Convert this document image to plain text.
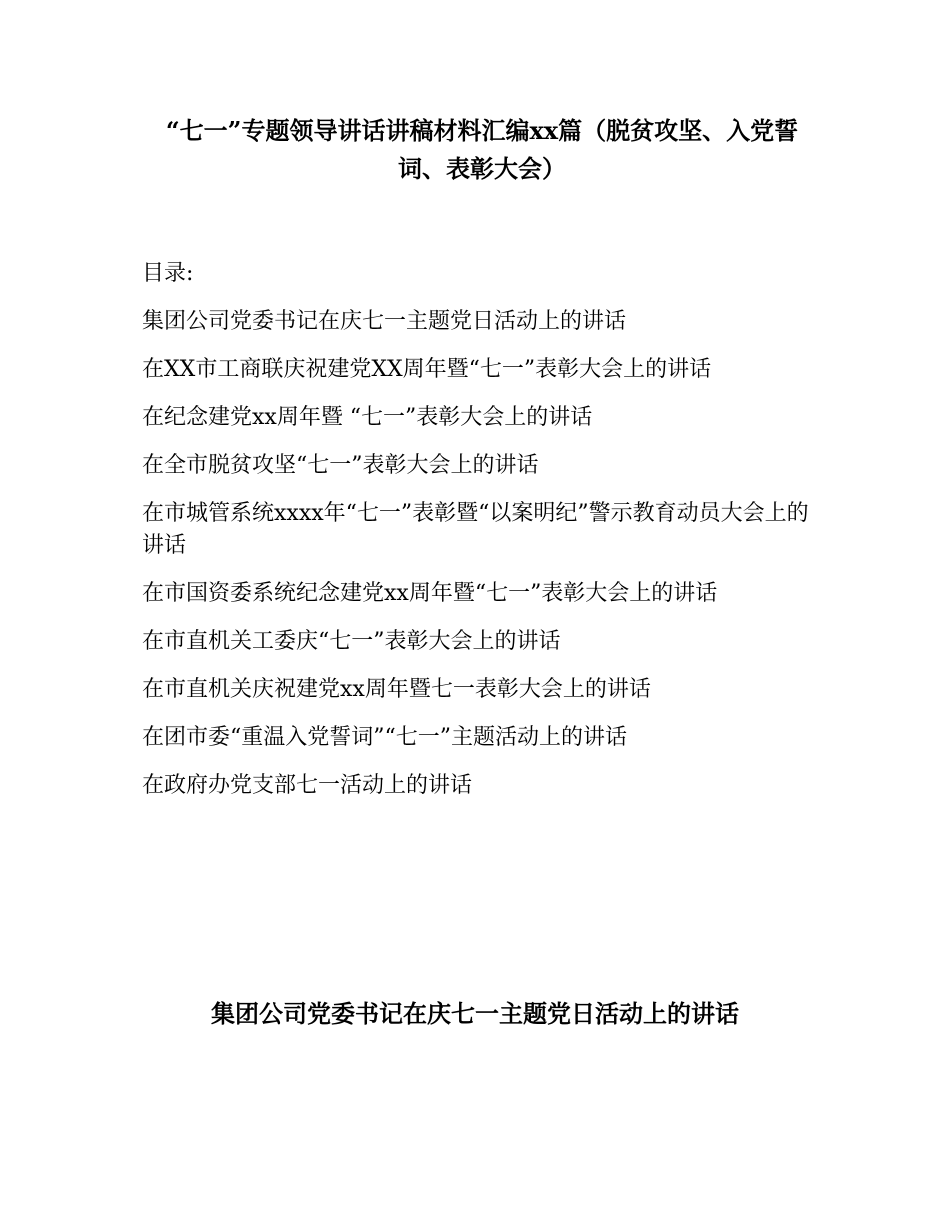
“七一”专题领导讲话讲稿材料汇编xx篇（脱贫攻坚、入党誓词、表彰大会）

目录:

集团公司党委书记在庆七一主题党日活动上的讲话
在XX市工商联庆祝建党XX周年暨“七一”表彰大会上的讲话
在纪念建党xx周年暨 “七一”表彰大会上的讲话
在全市脱贫攻坚“七一”表彰大会上的讲话
在市城管系统xxxx年“七一”表彰暨“以案明纪”警示教育动员大会上的讲话
在市国资委系统纪念建党xx周年暨“七一”表彰大会上的讲话
在市直机关工委庆“七一”表彰大会上的讲话
在市直机关庆祝建党xx周年暨七一表彰大会上的讲话
在团市委“重温入党誓词”“七一”主题活动上的讲话
在政府办党支部七一活动上的讲话
集团公司党委书记在庆七一主题党日活动上的讲话
